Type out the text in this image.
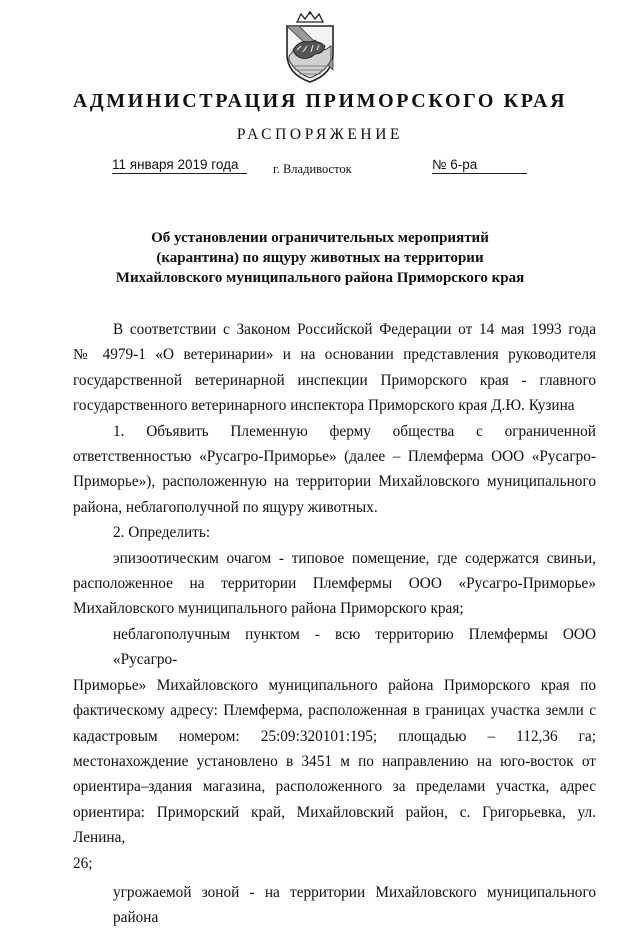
АДМИНИСТРАЦИЯ ПРИМОРСКОГО КРАЯ
РАСПОРЯЖЕНИЕ
11 января 2019 года	г. Владивосток	№ 6-ра
Об установлении ограничительных мероприятий
(карантина) по ящуру животных на территории
Михайловского муниципального района Приморского края
В соответствии с Законом Российской Федерации от 14 мая 1993 года
№ 4979-1 «О ветеринарии» и на основании представления руководителя
государственной ветеринарной инспекции Приморского края - главного
государственного ветеринарного инспектора Приморского края Д.Ю. Кузина
1. Объявить Племенную ферму общества с ограниченной
ответственностью «Русагро-Приморье» (далее – Племферма ООО «Русагро-
Приморье»), расположенную на территории Михайловского муниципального
района, неблагополучной по ящуру животных.
2. Определить:
эпизоотическим очагом - типовое помещение, где содержатся свиньи,
расположенное на территории Племфермы ООО «Русагро-Приморье»
Михайловского муниципального района Приморского края;
неблагополучным пунктом - всю территорию Племфермы ООО «Русагро-
Приморье» Михайловского муниципального района Приморского края по
фактическому адресу: Племферма, расположенная в границах участка земли с
кадастровым номером: 25:09:320101:195; площадью – 112,36 га;
местонахождение установлено в 3451 м по направлению на юго-восток от
ориентира–здания магазина, расположенного за пределами участка, адрес
ориентира: Приморский край, Михайловский район, с. Григорьевка, ул. Ленина,
26;
угрожаемой зоной - на территории Михайловского муниципального района
